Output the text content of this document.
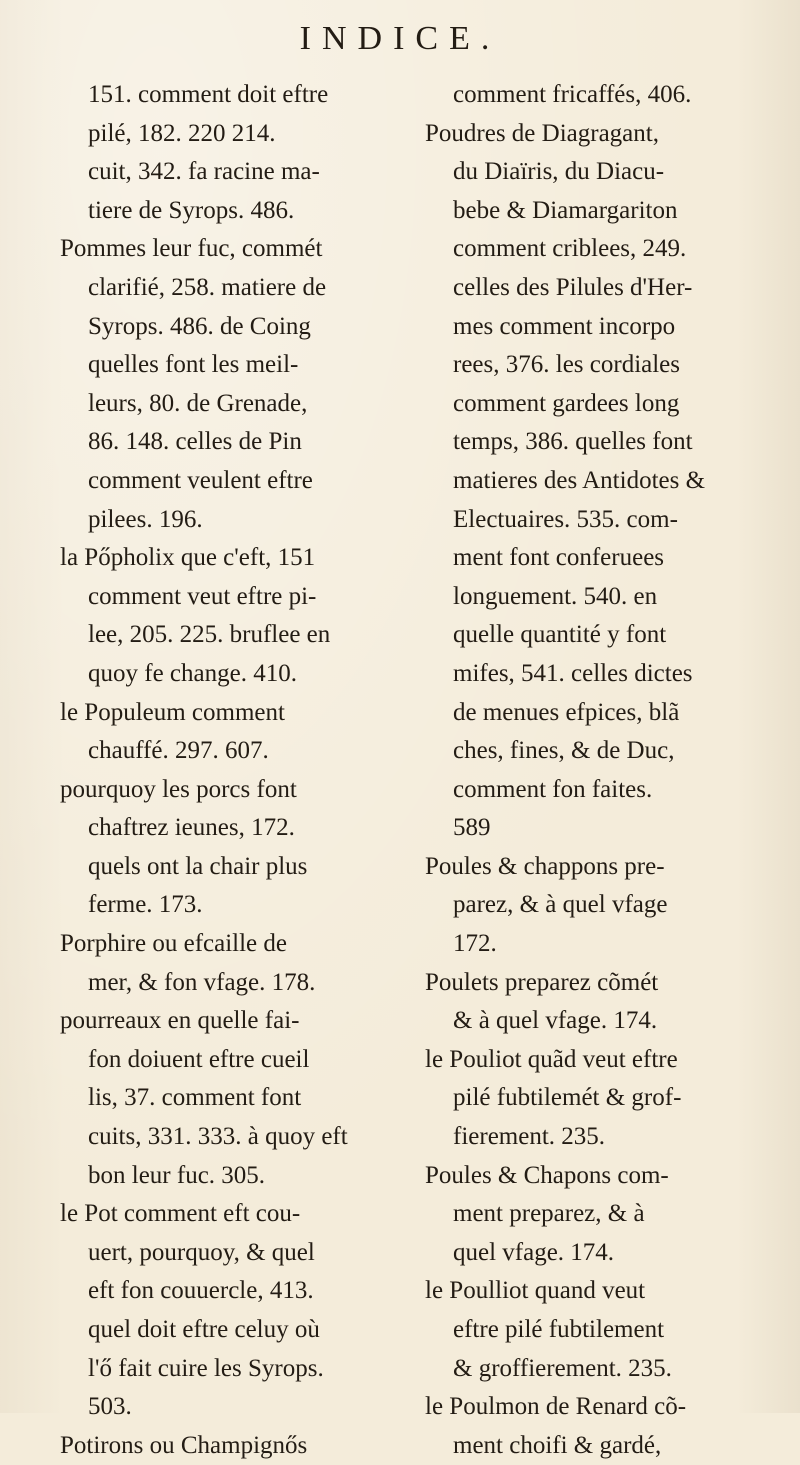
INDICE.
151. comment doit eftre
pilé, 182. 220 214.
cuit, 342. fa racine ma-
tiere de Syrops. 486.
Pommes leur fuc, commét
clarifié, 258. matiere de
Syrops. 486. de Coing
quelles font les meil-
leurs, 80. de Grenade,
86. 148. celles de Pin
comment veulent eftre
pilees. 196.
la Pőpholix que c'eft, 151
comment veut eftre pi-
lee, 205. 225. bruflee en
quoy fe change. 410.
le Populeum comment
chauffé. 297. 607.
pourquoy les porcs font
chaftrez ieunes, 172.
quels ont la chair plus
ferme. 173.
Porphire ou efcaille de
mer, & fon vfage. 178.
pourreaux en quelle fai-
fon doiuent eftre cueil
lis, 37. comment font
cuits, 331. 333. à quoy eft
bon leur fuc. 305.
le Pot comment eft cou-
uert, pourquoy, & quel
eft fon couuercle, 413.
quel doit eftre celuy où
l'ő fait cuire les Syrops.
503.
Potirons ou Champignős
comment fricaffés, 406.
Poudres de Diagragant,
du Diaïris, du Diacu-
bebe & Diamargariton
comment criblees, 249.
celles des Pilules d'Her-
mes comment incorpo
rees, 376. les cordiales
comment gardees long
temps, 386. quelles font
matieres des Antidotes &
Electuaires. 535. com-
ment font conferuees
longuement. 540. en
quelle quantité y font
mifes, 541. celles dictes
de menues efpices, blã
ches, fines, & de Duc,
comment fon faites.
589
Poules & chappons pre-
parez, & à quel vfage
172.
Poulets preparez cõmét
& à quel vfage. 174.
le Pouliot quãd veut eftre
pilé fubtilemét & grof-
fierement. 235.
Poules & Chapons com-
ment preparez, & à
quel vfage. 174.
le Poulliot quand veut
eftre pilé fubtilement
& groffierement. 235.
le Poulmon de Renard cõ-
ment choifi & gardé,
